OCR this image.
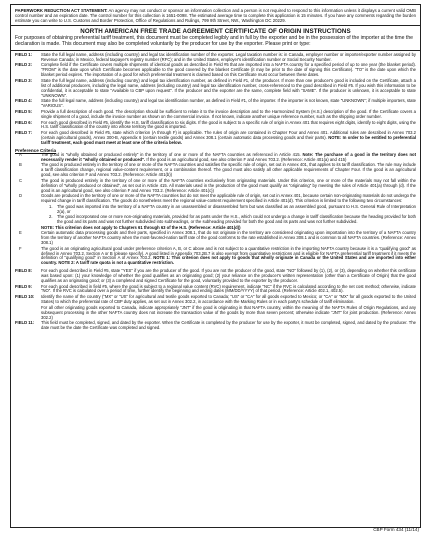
PAPERWORK REDUCTION ACT STATEMENT: An agency may not conduct or sponsor an information collection and a person is not required to respond to this information unless it displays a current valid OMB control number and an expiration date. The control number for this collection is 1651-0098. The estimated average time to complete this application is 15 minutes. If you have any comments regarding the burden estimate you can write to U.S. Customs and Border Protection, Office of Regulations and Rulings, 799 9th Street, NW., Washington DC 20229.
NORTH AMERICAN FREE TRADE AGREEMENT CERTIFICATE OF ORIGIN INSTRUCTIONS
For purposes of obtaining preferential tariff treatment, this document must be completed legibly and in full by the exporter and be in the possession of the importer at the time the declaration is made. This document may also be completed voluntarily by the producer for use by the exporter. Please print or type:
FIELD 1:	State the full legal name, address (including country) and legal tax identification number of the exporter. Legal taxation number is: in Canada, employer number or importer/exporter number assigned by Revenue Canada; in Mexico, federal taxpayer's registry number (RFC); and in the United States, employer's identification number or Social Security Number.
FIELD 2:	Complete field if the Certificate covers multiple shipments of identical goods as described in Field #5 that are imported into a NAFTA country for a specified period of up to one year (the blanket period). "FROM" is the date upon which Certificate becomes applicable to the good covered by the blanket Certificate (it may be prior to the date of signing this Certificate). "TO" is the date upon which the blanket period expires. The importation of a good for which preferential treatment is claimed based on this Certificate must occur between these dates.
FIELD 3:	State the full legal name, address (including country) and legal tax identification number, as defined in Field #1, of the producer. If more than one producer's good is included on the Certificate, attach a list of additional producers, including the legal name, address (including country) and legal tax identification number, cross-referenced to the good described in Field #5. If you wish this information to be confidential, it is acceptable to state "Available to CBP upon request". If the producer and the exporter are the same, complete field with "SAME". If the producer is unknown, it is acceptable to state "UNKNOWN".
FIELD 4:	State the full legal name, address (including country) and legal tax identification number, as defined in Field #1, of the importer. If the importer is not known, state "UNKNOWN"; if multiple importers, state "VARIOUS".
FIELD 5:	Provide a full description of each good. The description should be sufficient to relate it to the invoice description and to the Harmonized System (H.S.) description of the good. If the Certificate covers a single shipment of a good, include the invoice number as shown on the commercial invoice. If not known, indicate another unique reference number, such as the shipping order number.
FIELD 6:	For each good described in Field #5, identify the H.S. tariff classification to six digits. If the good is subject to a specific rule of origin in Annex 401 that requires eight digits, identify to eight digits, using the H.S. tariff classification of the country into whose territory the good is imported.
FIELD 7:	For each good described in Field #5, state which criterion (A through F) is applicable. The rules of origin are contained in Chapter Four and Annex 401. Additional rules are described in Annex 703.2 (certain agricultural goods), Annex 300-B, Appendix 6 (certain textile goods) and Annex 308.1 (certain automatic data processing goods and their parts). NOTE: In order to be entitled to preferential tariff treatment, each good must meet at least one of the criteria below.
Preference Criteria
A	The good is "wholly obtained or produced entirely" in the territory of one or more of the NAFTA countries as referenced in Article 415. Note: The purchase of a good in the territory does not necessarily render it "wholly obtained or produced". If the good is an agricultural good, see also criterion F and Annex 703.2. (Reference: Article 401(a) and 415)
B	The good is produced entirely in the territory of one or more of the NAFTA countries and satisfies the specific rule of origin, set out in Annex 401, that applies to its tariff classification. The rule may include a tariff classification change, regional value-content requirement, or a combination thereof. The good must also satisfy all other applicable requirements of Chapter Four. If the good is an agricultural good, see also criterion F and Annex 703.2. (Reference: Article 401(b))
C	The good is produced entirely in the territory of one or more of the NAFTA countries exclusively from originating materials. Under this criterion, one or more of the materials may not fall within the definition of "wholly produced or obtained", as set out in Article 415. All materials used in the production of the good must qualify as "originating" by meeting the rules of Article 401(a) through (d). If the good is an agricultural good, see also criterion F and Annex 703.2. (Reference: Article 401(c))
D	Goods are produced in the territory of one or more of the NAFTA countries but do not meet the applicable rule of origin, set out in Annex 401, because certain non-originating materials do not undergo the required change in tariff classification. The goods do nonetheless meet the regional value-content requirement specified in Article 401(d). This criterion is limited to the following two circumstances:
1.	The good was imported into the territory of a NAFTA country in an unassembled or disassembled form but was classified as an assembled good, pursuant to H.S. General Rule of Interpretation 2(a), or
2.	The good incorporated one or more non-originating materials, provided for as parts under the H.S., which could not undergo a change in tariff classification because the heading provided for both the good and its parts and was not further subdivided into subheadings, or the subheading provided for both the good and its parts and was not further subdivided.
NOTE: This criterion does not apply to Chapters 61 through 63 of the H.S. (Reference: Article 401(d))
E	Certain automatic data processing goods and their parts, specified in Annex 308.1, that do not originate in the territory are considered originating upon importation into the territory of a NAFTA country from the territory of another NAFTA country when the most-favored-nation tariff rate of the good conforms to the rate established in Annex 308.1 and is common to all NAFTA countries. (Reference: Annex 308.1)
F	The good is an originating agricultural good under preference criterion A, B, or C above and is not subject to a quantitative restriction in the importing NAFTA country because it is a "qualifying good" as defined in Annex 703.2, Section A or B (please specify). A good listed in Appendix 703.2B.7 is also exempt from quantitative restrictions and is eligible for NAFTA preferential tariff treatment if it meets the definition of "qualifying good" in Section A of Annex 703.2. NOTE 1: This criterion does not apply to goods that wholly originate in Canada or the United States and are imported into either country. NOTE 2: A tariff rate quota is not a quantitative restriction.
FIELD 8:	For each good described in Field #5, state "YES" if you are the producer of the good. If you are not the producer of the good, state "NO" followed by (1), (2), or (3), depending on whether this certificate was based upon: (1) your knowledge of whether the good qualifies as an originating good; (2) your reliance on the producer's written representation (other than a Certificate of Origin) that the good qualifies as an originating good; or (3) a completed and signed Certificate for the good, voluntarily provided to the exporter by the producer.
FIELD 9:	For each good described in field #5, where the good is subject to a regional value content (RVC) requirement, indicate "NC" if the RVC is calculated according to the net cost method; otherwise, indicate "NO". If the RVC is calculated over a period of time, further identify the beginning and ending dates (MM/DD/YYYY) of that period. (Reference: Article 402.1, 402.5).
FIELD 10:	Identify the name of the country ("MX" or "US" for agricultural and textile goods exported to Canada; "US" or "CA" for all goods exported to Mexico; or "CA" or "MX" for all goods exported to the United States) to which the preferential rate of CBP duty applies, as set out in Annex 302.2, in accordance with the Marking Rules or in each party's schedule of tariff elimination.
For all other originating goods exported to Canada, indicate appropriately "JNT" if the good is originating in that NAFTA country, within the meaning of the NAFTA Rules of Origin Regulations, and any subsequent processing in the other NAFTA country does not increase the transaction value of the goods by more than seven percent; otherwise indicate "JNT" for joint production. (Reference: Annex 302.2)
FIELD 11:	This field must be completed, signed, and dated by the exporter. When the Certificate is completed by the producer for use by the exporter, it must be completed, signed, and dated by the producer. The date must be the date the Certificate was completed and signed.
CBP Form 434 (11/14)
